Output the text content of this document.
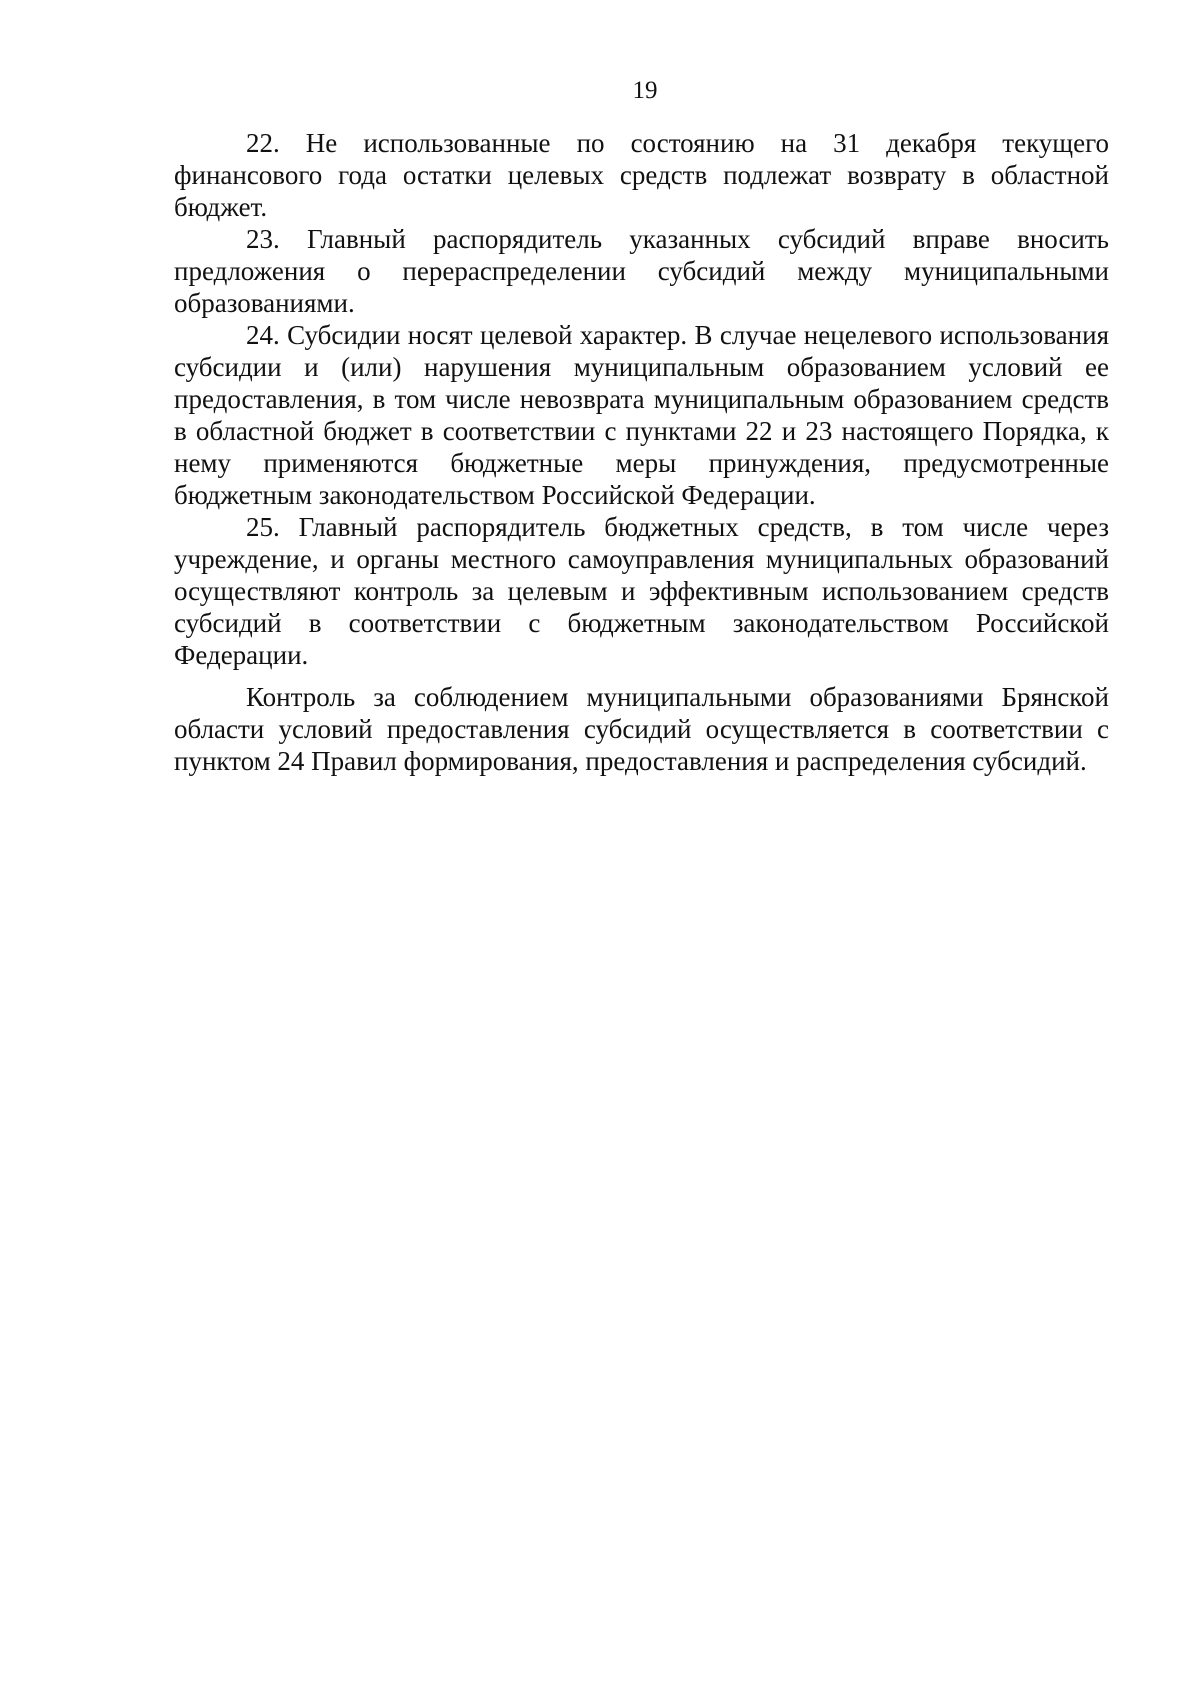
19

22. Не использованные по состоянию на 31 декабря текущего финансового года остатки целевых средств подлежат возврату в областной бюджет.

23. Главный распорядитель указанных субсидий вправе вносить предложения о перераспределении субсидий между муниципальными образованиями.

24. Субсидии носят целевой характер. В случае нецелевого использования субсидии и (или) нарушения муниципальным образованием условий ее предоставления, в том числе невозврата муниципальным образованием средств в областной бюджет в соответствии с пунктами 22 и 23 настоящего Порядка, к нему применяются бюджетные меры принуждения, предусмотренные бюджетным законодательством Российской Федерации.

25. Главный распорядитель бюджетных средств, в том числе через учреждение, и органы местного самоуправления муниципальных образований осуществляют контроль за целевым и эффективным использованием средств субсидий в соответствии с бюджетным законодательством Российской Федерации.

Контроль за соблюдением муниципальными образованиями Брянской области условий предоставления субсидий осуществляется в соответствии с пунктом 24 Правил формирования, предоставления и распределения субсидий.
